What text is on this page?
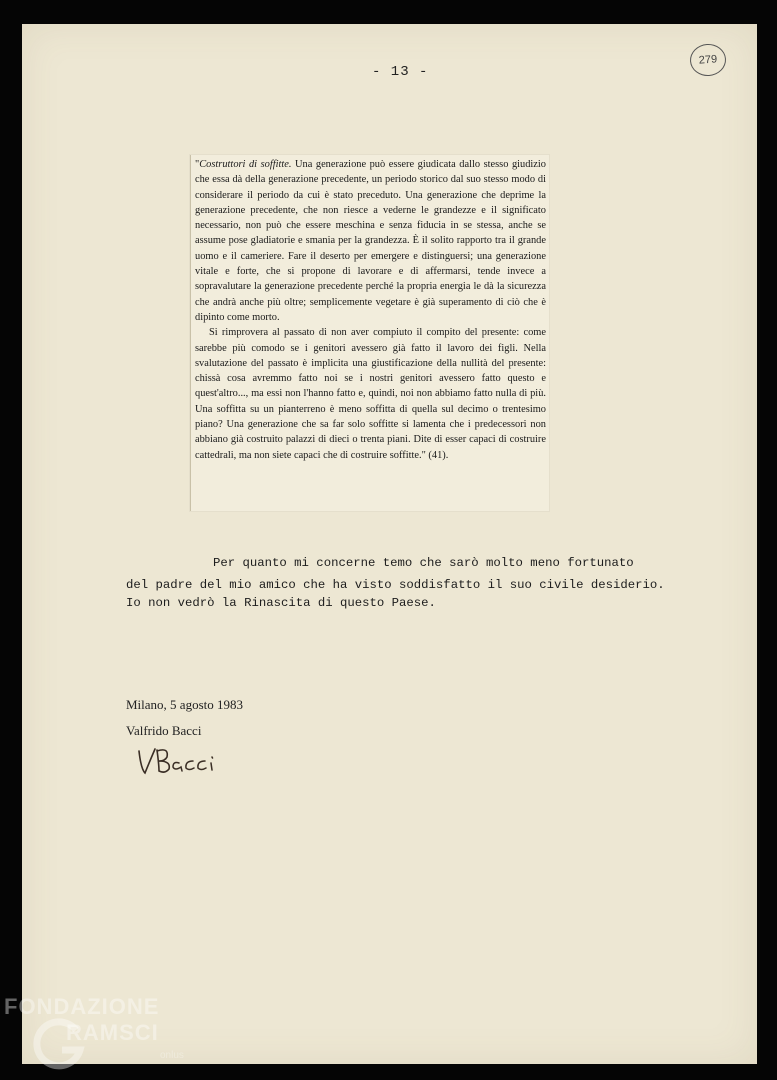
- 13 -
279

"Costruttori di soffitte. Una generazione può essere giudicata dallo stesso giudizio che essa dà della generazione precedente, un periodo storico dal suo stesso modo di considerare il periodo da cui è stato preceduto. Una generazione che deprime la generazione precedente, che non riesce a vederne le grandezze e il significato necessario, non può che essere meschina e senza fiducia in se stessa, anche se assume pose gladiatorie e smania per la grandezza. È il solito rapporto tra il grande uomo e il cameriere. Fare il deserto per emergere e distinguersi; una generazione vitale e forte, che si propone di lavorare e di affermarsi, tende invece a sopravalutare la generazione precedente perché la propria energia le dà la sicurezza che andrà anche più oltre; semplicemente vegetare è già superamento di ciò che è dipinto come morto.

Si rimprovera al passato di non aver compiuto il compito del presente: come sarebbe più comodo se i genitori avessero già fatto il lavoro dei figli. Nella svalutazione del passato è implicita una giustificazione della nullità del presente: chissà cosa avremmo fatto noi se i nostri genitori avessero fatto questo e quest'altro..., ma essi non l'hanno fatto e, quindi, noi non abbiamo fatto nulla di più. Una soffitta su un pianterreno è meno soffitta di quella sul decimo o trentesimo piano? Una generazione che sa far solo soffitte si lamenta che i predecessori non abbiano già costruito palazzi di dieci o trenta piani. Dite di esser capaci di costruire cattedrali, ma non siete capaci che di costruire soffitte." (41).

Per quanto mi concerne temo che sarò molto meno fortunato
del padre del mio amico che ha visto soddisfatto il suo civile desiderio.
Io non vedrò la Rinascita di questo Paese.
Milano, 5 agosto 1983
Valfrido Bacci
FONDAZIONE
RAMSCI
onlus
